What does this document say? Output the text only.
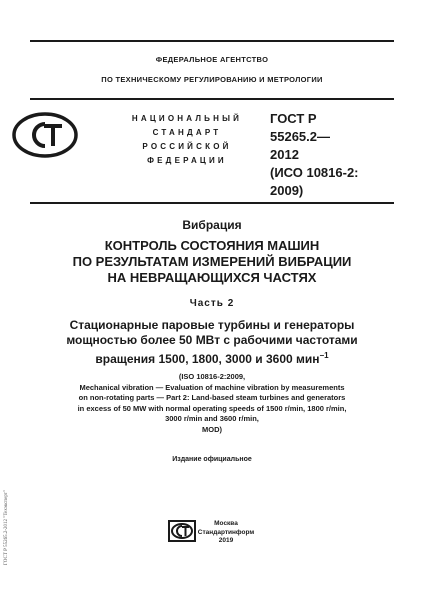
ФЕДЕРАЛЬНОЕ АГЕНТСТВО
ПО ТЕХНИЧЕСКОМУ РЕГУЛИРОВАНИЮ И МЕТРОЛОГИИ
НАЦИОНАЛЬНЫЙ
СТАНДАРТ
РОССИЙСКОЙ
ФЕДЕРАЦИИ
ГОСТ Р
55265.2—
2012
(ИСО 10816-2:
2009)
Вибрация
КОНТРОЛЬ СОСТОЯНИЯ МАШИН
ПО РЕЗУЛЬТАТАМ ИЗМЕРЕНИЙ ВИБРАЦИИ
НА НЕВРАЩАЮЩИХСЯ ЧАСТЯХ
Часть 2
Стационарные паровые турбины и генераторы
мощностью более 50 МВт с рабочими частотами
вращения 1500, 1800, 3000 и 3600 мин$^{-1}$
(ISO 10816-2:2009,
Mechanical vibration — Evaluation of machine vibration by measurements
on non-rotating parts — Part 2: Land-based steam turbines and generators
in excess of 50 MW with normal operating speeds of 1500 r/min, 1800 r/min,
3000 r/min and 3600 r/min,
MOD)
Издание официальное
Москва
Стандартинформ
2019
ГОСТ Р 55265.2-2012 "Техэксперт"
